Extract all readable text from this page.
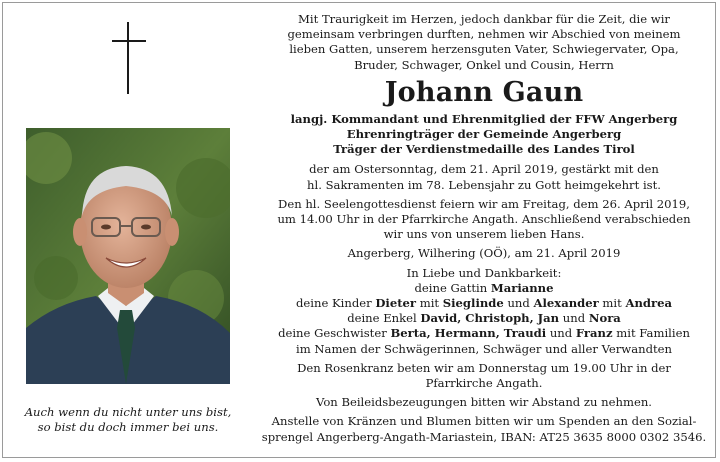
Auch wenn du nicht unter uns bist,
so bist du doch immer bei uns.
Mit Traurigkeit im Herzen, jedoch dankbar für die Zeit, die wir
gemeinsam verbringen durften, nehmen wir Abschied von meinem
lieben Gatten, unserem herzensguten Vater, Schwiegervater, Opa,
Bruder, Schwager, Onkel und Cousin, Herrn
Johann Gaun
langj. Kommandant und Ehrenmitglied der FFW Angerberg
Ehrenringträger der Gemeinde Angerberg
Träger der Verdienstmedaille des Landes Tirol
der am Ostersonntag, dem 21. April 2019, gestärkt mit den
hl. Sakramenten im 78. Lebensjahr zu Gott heimgekehrt ist.
Den hl. Seelengottesdienst feiern wir am Freitag, dem 26. April 2019,
um 14.00 Uhr in der Pfarrkirche Angath. Anschließend verabschieden
wir uns von unserem lieben Hans.
Angerberg, Wilhering (OÖ), am 21. April 2019
In Liebe und Dankbarkeit:
deine Gattin Marianne
deine Kinder Dieter mit Sieglinde und Alexander mit Andrea
deine Enkel David, Christoph, Jan und Nora
deine Geschwister Berta, Hermann, Traudi und Franz mit Familien
im Namen der Schwägerinnen, Schwäger und aller Verwandten
Den Rosenkranz beten wir am Donnerstag um 19.00 Uhr in der
Pfarrkirche Angath.
Von Beileidsbezeugungen bitten wir Abstand zu nehmen.
Anstelle von Kränzen und Blumen bitten wir um Spenden an den Sozial-
sprengel Angerberg-Angath-Mariastein, IBAN: AT25 3635 8000 0302 3546.
